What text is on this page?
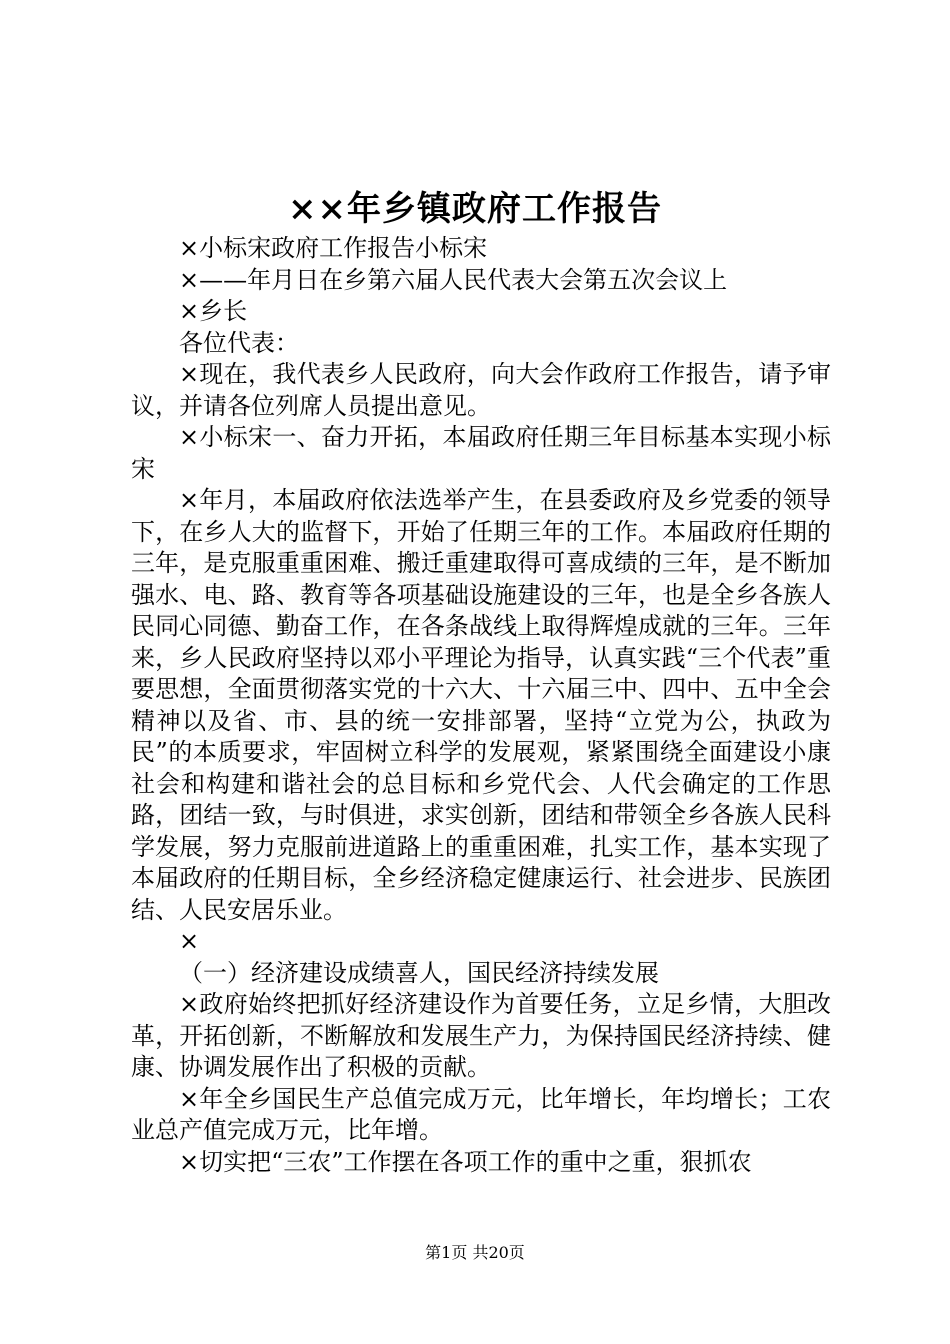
××年乡镇政府工作报告

×小标宋政府工作报告小标宋

×——年月日在乡第六届人民代表大会第五次会议上

×乡长

各位代表：

×现在，我代表乡人民政府，向大会作政府工作报告，请予审议，并请各位列席人员提出意见。

×小标宋一、奋力开拓，本届政府任期三年目标基本实现小标宋

×年月，本届政府依法选举产生，在县委政府及乡党委的领导下，在乡人大的监督下，开始了任期三年的工作。本届政府任期的三年，是克服重重困难、搬迁重建取得可喜成绩的三年，是不断加强水、电、路、教育等各项基础设施建设的三年，也是全乡各族人民同心同德、勤奋工作，在各条战线上取得辉煌成就的三年。三年来，乡人民政府坚持以邓小平理论为指导，认真实践“三个代表”重要思想，全面贯彻落实党的十六大、十六届三中、四中、五中全会精神以及省、市、县的统一安排部署，坚持“立党为公，执政为民”的本质要求，牢固树立科学的发展观，紧紧围绕全面建设小康社会和构建和谐社会的总目标和乡党代会、人代会确定的工作思路，团结一致，与时俱进，求实创新，团结和带领全乡各族人民科学发展，努力克服前进道路上的重重困难，扎实工作，基本实现了本届政府的任期目标，全乡经济稳定健康运行、社会进步、民族团结、人民安居乐业。

×

（一）经济建设成绩喜人，国民经济持续发展

×政府始终把抓好经济建设作为首要任务，立足乡情，大胆改革，开拓创新，不断解放和发展生产力，为保持国民经济持续、健康、协调发展作出了积极的贡献。

×年全乡国民生产总值完成万元，比年增长，年均增长；工农业总产值完成万元，比年增。

×切实把“三农”工作摆在各项工作的重中之重，狠抓农

第1页 共20页
